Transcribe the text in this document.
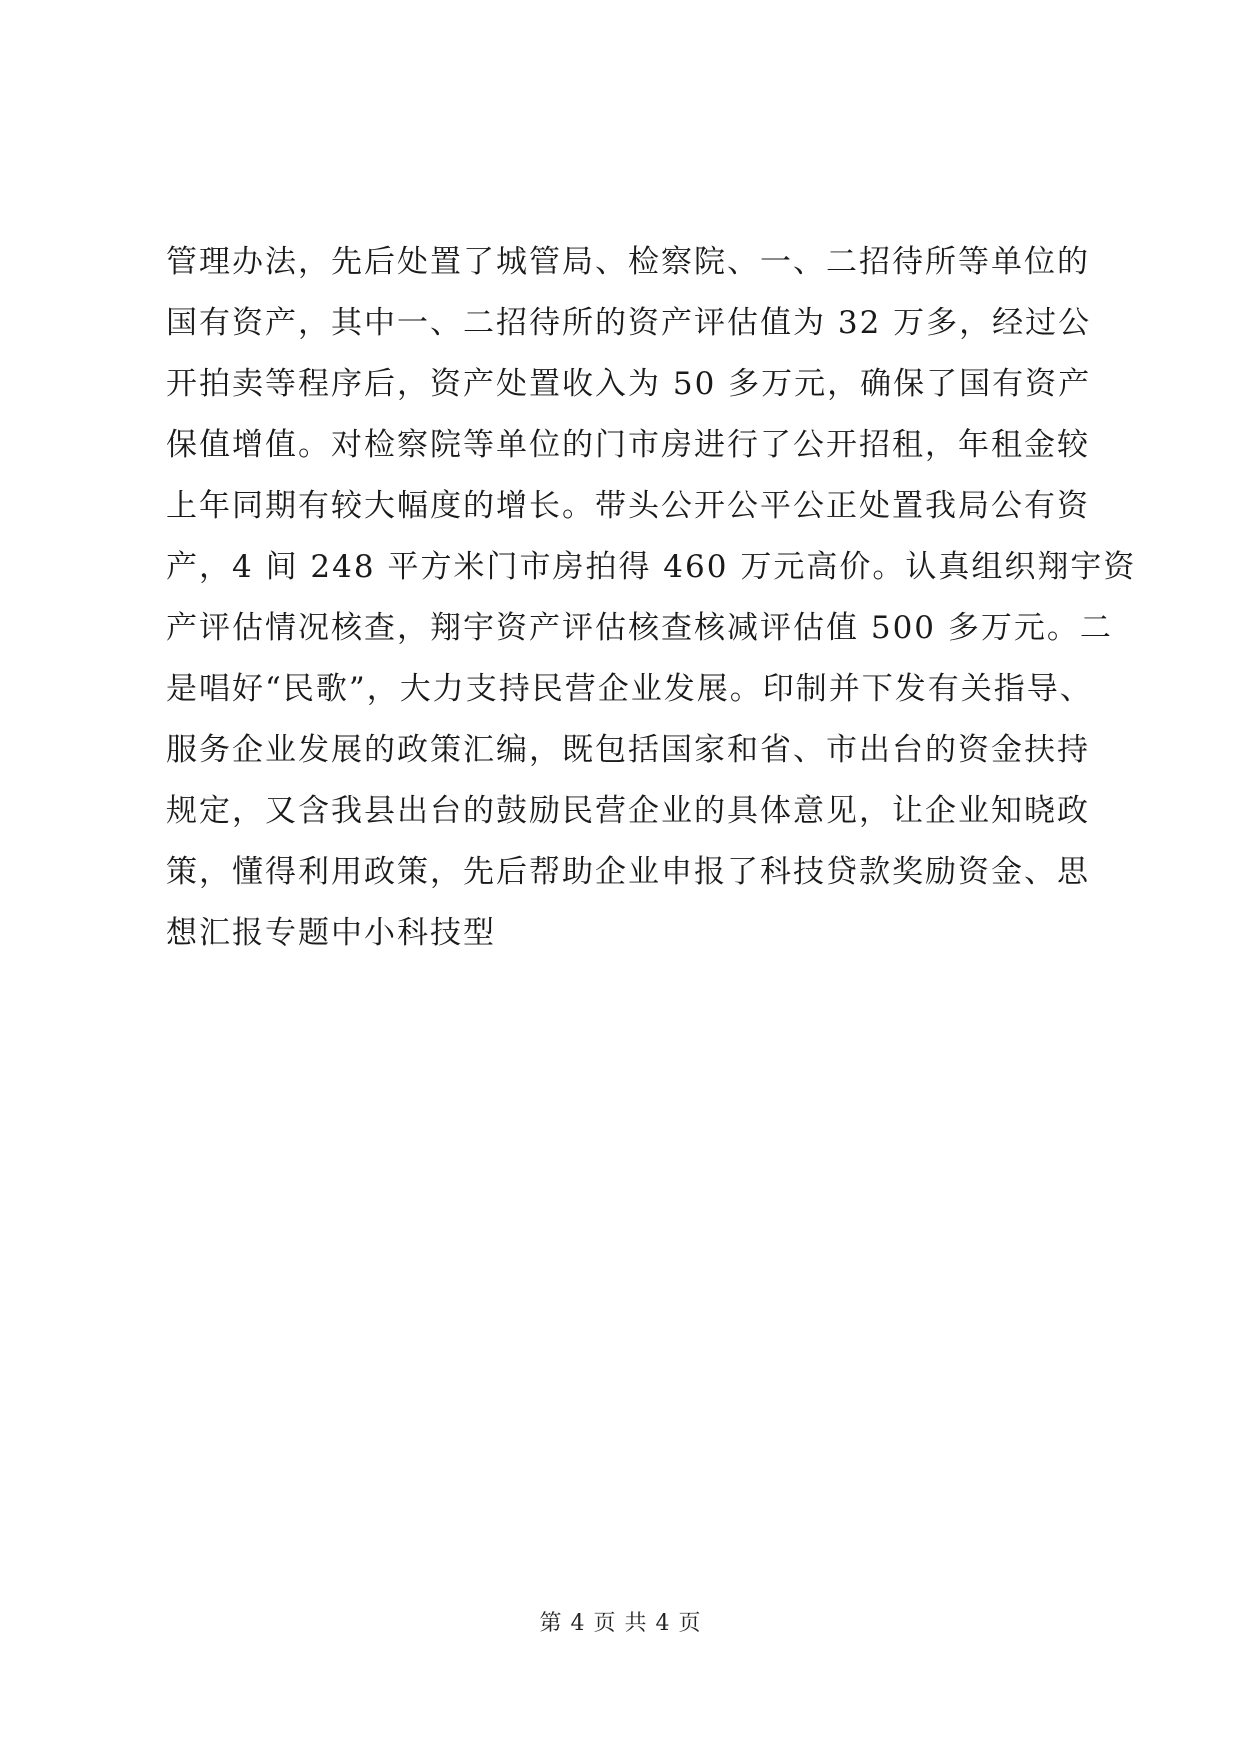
管理办法，先后处置了城管局、检察院、一、二招待所等单位的
国有资产，其中一、二招待所的资产评估值为 32 万多，经过公
开拍卖等程序后，资产处置收入为 50 多万元，确保了国有资产
保值增值。对检察院等单位的门市房进行了公开招租，年租金较
上年同期有较大幅度的增长。带头公开公平公正处置我局公有资
产，4 间 248 平方米门市房拍得 460 万元高价。认真组织翔宇资
产评估情况核查，翔宇资产评估核查核减评估值 500 多万元。二
是唱好“民歌”，大力支持民营企业发展。印制并下发有关指导、
服务企业发展的政策汇编，既包括国家和省、市出台的资金扶持
规定，又含我县出台的鼓励民营企业的具体意见，让企业知晓政
策，懂得利用政策，先后帮助企业申报了科技贷款奖励资金、思
想汇报专题中小科技型
第 4 页 共 4 页
